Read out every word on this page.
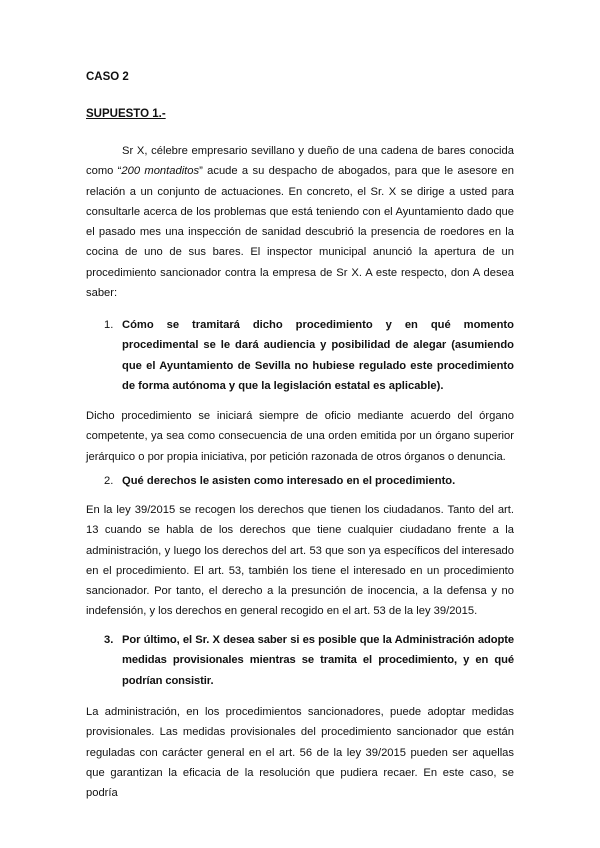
CASO 2

SUPUESTO 1.-

Sr X, célebre empresario sevillano y dueño de una cadena de bares conocida como “200 montaditos” acude a su despacho de abogados, para que le asesore en relación a un conjunto de actuaciones. En concreto, el Sr. X se dirige a usted para consultarle acerca de los problemas que está teniendo con el Ayuntamiento dado que el pasado mes una inspección de sanidad descubrió la presencia de roedores en la cocina de uno de sus bares. El inspector municipal anunció la apertura de un procedimiento sancionador contra la empresa de Sr X. A este respecto, don A desea saber:

1. Cómo se tramitará dicho procedimiento y en qué momento procedimental se le dará audiencia y posibilidad de alegar (asumiendo que el Ayuntamiento de Sevilla no hubiese regulado este procedimiento de forma autónoma y que la legislación estatal es aplicable).

Dicho procedimiento se iniciará siempre de oficio mediante acuerdo del órgano competente, ya sea como consecuencia de una orden emitida por un órgano superior jerárquico o por propia iniciativa, por petición razonada de otros órganos o denuncia.

2. Qué derechos le asisten como interesado en el procedimiento.

En la ley 39/2015 se recogen los derechos que tienen los ciudadanos. Tanto del art. 13 cuando se habla de los derechos que tiene cualquier ciudadano frente a la administración, y luego los derechos del art. 53 que son ya específicos del interesado en el procedimiento. El art. 53, también los tiene el interesado en un procedimiento sancionador. Por tanto, el derecho a la presunción de inocencia, a la defensa y no indefensión, y los derechos en general recogido en el art. 53 de la ley 39/2015.

3. Por último, el Sr. X desea saber si es posible que la Administración adopte medidas provisionales mientras se tramita el procedimiento, y en qué podrían consistir.

La administración, en los procedimientos sancionadores, puede adoptar medidas provisionales. Las medidas provisionales del procedimiento sancionador que están reguladas con carácter general en el art. 56 de la ley 39/2015 pueden ser aquellas que garantizan la eficacia de la resolución que pudiera recaer. En este caso, se podría
